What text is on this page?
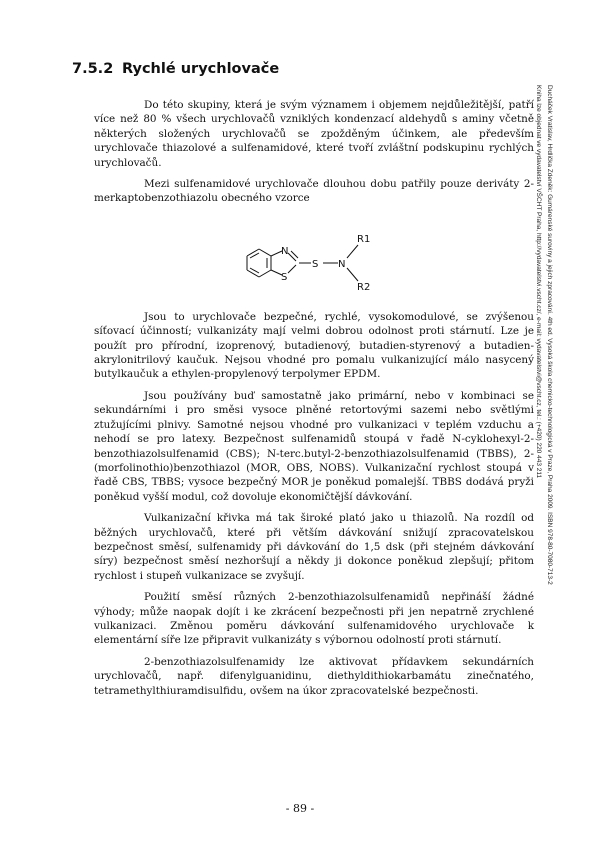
7.5.2 Rychlé urychlovače

Do této skupiny, která je svým významem i objemem nejdůležitější, patří více než 80 % všech urychlovačů vzniklých kondenzací aldehydů s aminy včetně některých složených urychlovačů se zpožděným účinkem, ale především urychlovače thiazolové a sulfenamidové, které tvoří zvláštní podskupinu rychlých urychlovačů.

Mezi sulfenamidové urychlovače dlouhou dobu patřily pouze deriváty 2-merkaptobenzothiazolu obecného vzorce

N
S
S N
R1
R2

Jsou to urychlovače bezpečné, rychlé, vysokomodulové, se zvýšenou síťovací účinností; vulkanizáty mají velmi dobrou odolnost proti stárnutí. Lze je použít pro přírodní, izoprenový, butadienový, butadien-styrenový a butadien-akrylonitrilový kaučuk. Nejsou vhodné pro pomalu vulkanizující málo nasycený butylkaučuk a ethylen-propylenový terpolymer EPDM.

Jsou používány buď samostatně jako primární, nebo v kombinaci se sekundárními i pro směsi vysoce plněné retortovými sazemi nebo světlými ztužujícími plnivy. Samotné nejsou vhodné pro vulkanizaci v teplém vzduchu a nehodí se pro latexy. Bezpečnost sulfenamidů stoupá v řadě N-cyklohexyl-2-benzothiazolsulfenamid (CBS); N-terc.butyl-2-benzothiazolsulfenamid (TBBS), 2-(morfolinothio)benzothiazol (MOR, OBS, NOBS). Vulkanizační rychlost stoupá v řadě CBS, TBBS; vysoce bezpečný MOR je poněkud pomalejší. TBBS dodává pryži poněkud vyšší modul, což dovoluje ekonomičtější dávkování.

Vulkanizační křivka má tak široké plató jako u thiazolů. Na rozdíl od běžných urychlovačů, které při větším dávkování snižují zpracovatelskou bezpečnost směsí, sulfenamidy při dávkování do 1,5 dsk (při stejném dávkování síry) bezpečnost směsí nezhoršují a někdy ji dokonce poněkud zlepšují; přitom rychlost i stupeň vulkanizace se zvyšují.

Použití směsí různých 2-benzothiazolsulfenamidů nepřináší žádné výhody; může naopak dojít i ke zkrácení bezpečnosti při jen nepatrně zrychlené vulkanizaci. Změnou poměru dávkování sulfenamidového urychlovače k elementární síře lze připravit vulkanizáty s výbornou odolností proti stárnutí.

2-benzothiazolsulfenamidy lze aktivovat přídavkem sekundárních urychlovačů, např. difenylguanidinu, diethyldithiokarbamátu zinečnatého, tetramethylthiuramdisulfidu, ovšem na úkor zpracovatelské bezpečnosti.

- 89 -

Ducháček Vratislav, Hrdlička Zdeněk: Gumárenské suroviny a jejich zpracování. 4th ed. Vysoká škola chemicko-technologická v Praze, Praha 2009. ISBN 978-80-7080-713-2
Kniha lze objednat ve vydavatelství VŠCHT Praha, http://vydavatelstvi.vscht.cz/, e-mail: vydavatelstvi@vscht.cz, tel.: (+420) 220 443 211
